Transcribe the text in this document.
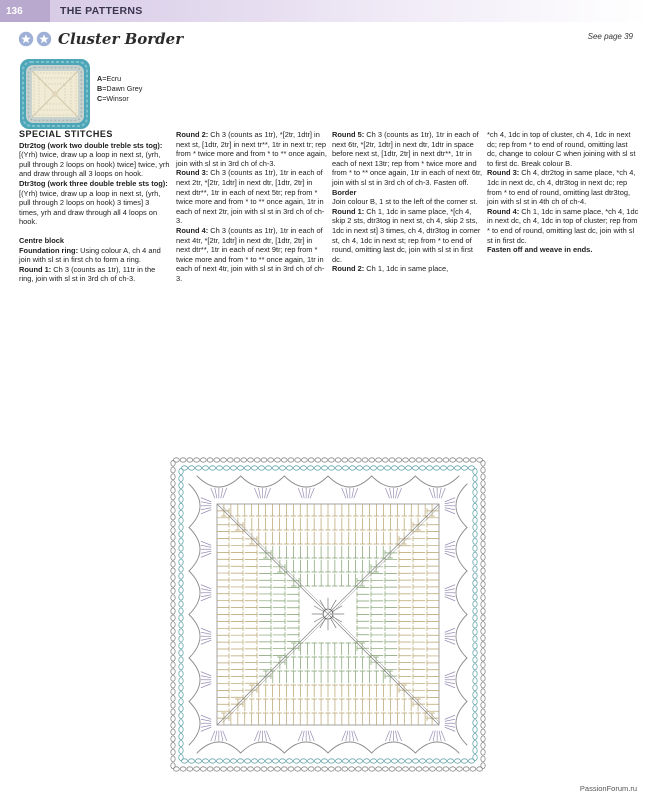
136	THE PATTERNS
Cluster Border	See page 39
A=Ecru
B=Dawn Grey
C=Winsor
SPECIAL STITCHES

Dtr2tog (work two double treble sts tog): [(Yrh) twice, draw up a loop in next st, (yrh, pull through 2 loops on hook) twice] twice, yrh and draw through all 3 loops on hook.

Dtr3tog (work three double treble sts tog): [(Yrh) twice, draw up a loop in next st, (yrh, pull through 2 loops on hook) 3 times] 3 times, yrh and draw through all 4 loops on hook.

Centre block

Foundation ring: Using colour A, ch 4 and join with sl st in first ch to form a ring.

Round 1: Ch 3 (counts as 1tr), 11tr in the ring, join with sl st in 3rd ch of ch-3.

Round 2: Ch 3 (counts as 1tr), *[2tr, 1dtr] in next st, [1dtr, 2tr] in next tr**, 1tr in next tr; rep from * twice more and from * to ** once again, join with sl st in 3rd ch of ch-3.

Round 3: Ch 3 (counts as 1tr), 1tr in each of next 2tr, *[2tr, 1dtr] in next dtr, [1dtr, 2tr] in next dtr**, 1tr in each of next 5tr; rep from * twice more and from * to ** once again, 1tr in each of next 2tr, join with sl st in 3rd ch of ch-3.

Round 4: Ch 3 (counts as 1tr), 1tr in each of next 4tr, *[2tr, 1dtr] in next dtr, [1dtr, 2tr] in next dtr**, 1tr in each of next 9tr; rep from * twice more and from * to ** once again, 1tr in each of next 4tr, join with sl st in 3rd ch of ch-3.

Round 5: Ch 3 (counts as 1tr), 1tr in each of next 6tr, *[2tr, 1dtr] in next dtr, 1dtr in space before next st, [1dtr, 2tr] in next dtr**, 1tr in each of next 13tr; rep from * twice more and from * to ** once again, 1tr in each of next 6tr, join with sl st in 3rd ch of ch-3. Fasten off.

Border

Join colour B, 1 st to the left of the corner st.

Round 1: Ch 1, 1dc in same place, *[ch 4, skip 2 sts, dtr3tog in next st, ch 4, skip 2 sts, 1dc in next st] 3 times, ch 4, dtr3tog in corner st, ch 4, 1dc in next st; rep from * to end of round, omitting last dc, join with sl st in first dc.

Round 2: Ch 1, 1dc in same place,

*ch 4, 1dc in top of cluster, ch 4, 1dc in next dc; rep from * to end of round, omitting last dc, change to colour C when joining with sl st to first dc. Break colour B.

Round 3: Ch 4, dtr2tog in same place, *ch 4, 1dc in next dc, ch 4, dtr3tog in next dc; rep from * to end of round, omitting last dtr3tog, join with sl st in 4th ch of ch-4.

Round 4: Ch 1, 1dc in same place, *ch 4, 1dc in next dc, ch 4, 1dc in top of cluster; rep from * to end of round, omitting last dc, join with sl st in first dc.

Fasten off and weave in ends.

PassionForum.ru
